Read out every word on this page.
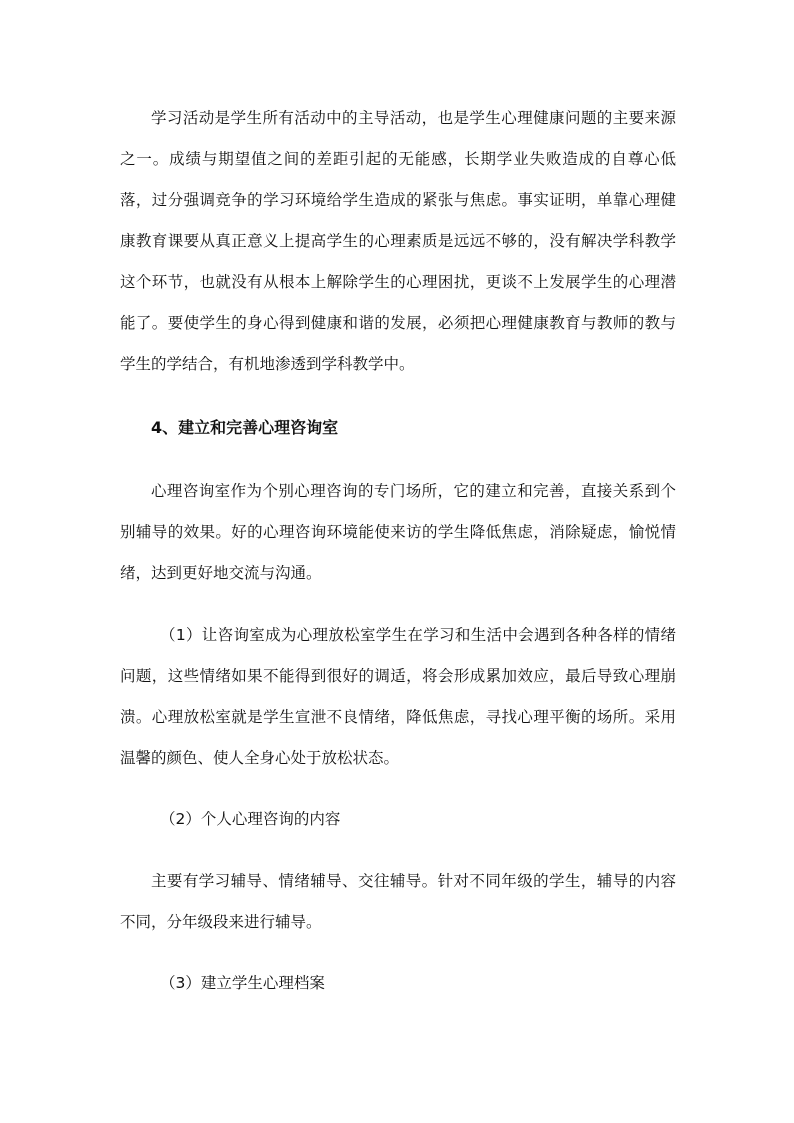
学习活动是学生所有活动中的主导活动，也是学生心理健康问题的主要来源之一。成绩与期望值之间的差距引起的无能感，长期学业失败造成的自尊心低落，过分强调竞争的学习环境给学生造成的紧张与焦虑。事实证明，单靠心理健康教育课要从真正意义上提高学生的心理素质是远远不够的，没有解决学科教学这个环节，也就没有从根本上解除学生的心理困扰，更谈不上发展学生的心理潜能了。要使学生的身心得到健康和谐的发展，必须把心理健康教育与教师的教与学生的学结合，有机地渗透到学科教学中。

4、建立和完善心理咨询室

心理咨询室作为个别心理咨询的专门场所，它的建立和完善，直接关系到个别辅导的效果。好的心理咨询环境能使来访的学生降低焦虑，消除疑虑，愉悦情绪，达到更好地交流与沟通。

（1）让咨询室成为心理放松室学生在学习和生活中会遇到各种各样的情绪问题，这些情绪如果不能得到很好的调适，将会形成累加效应，最后导致心理崩溃。心理放松室就是学生宣泄不良情绪，降低焦虑，寻找心理平衡的场所。采用温馨的颜色、使人全身心处于放松状态。

（2）个人心理咨询的内容

主要有学习辅导、情绪辅导、交往辅导。针对不同年级的学生，辅导的内容不同，分年级段来进行辅导。

（3）建立学生心理档案
